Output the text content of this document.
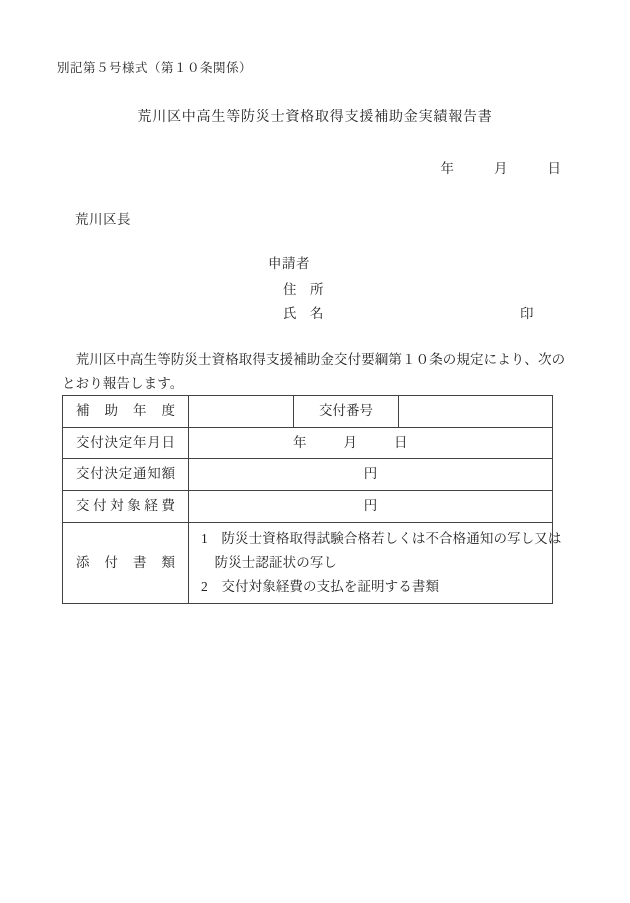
別記第５号様式（第１０条関係）
荒川区中高生等防災士資格取得支援補助金実績報告書
年	月	日
荒川区長
申請者
住　所
氏　名	印
　荒川区中高生等防災士資格取得支援補助金交付要綱第１０条の規定により、次の
とおり報告します。
補助年度		交付番号	
交付決定年月日	年 月 日		

交付決定通知額	円		
交付対象経費	円		
添付書類	1　防災士資格取得試験合格若しくは不合格通知の写し又は
　防災士認証状の写し
2　交付対象経費の支払を証明する書類		
